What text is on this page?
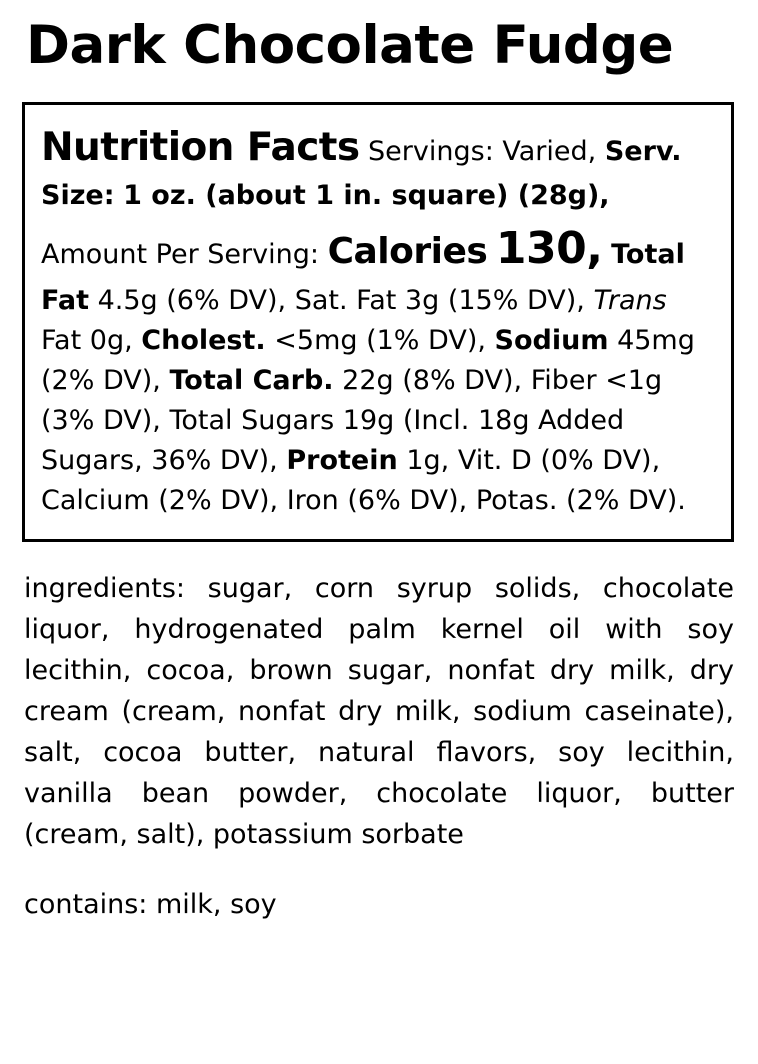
Dark Chocolate Fudge
Nutrition Facts Servings: Varied, Serv. Size: 1 oz. (about 1 in. square) (28g), Amount Per Serving: Calories 130, Total Fat 4.5g (6% DV), Sat. Fat 3g (15% DV), Trans Fat 0g, Cholest. <5mg (1% DV), Sodium 45mg (2% DV), Total Carb. 22g (8% DV), Fiber <1g (3% DV), Total Sugars 19g (Incl. 18g Added Sugars, 36% DV), Protein 1g, Vit. D (0% DV), Calcium (2% DV), Iron (6% DV), Potas. (2% DV).
ingredients: sugar, corn syrup solids, chocolate liquor, hydrogenated palm kernel oil with soy lecithin, cocoa, brown sugar, nonfat dry milk, dry cream (cream, nonfat dry milk, sodium caseinate), salt, cocoa butter, natural flavors, soy lecithin, vanilla bean powder, chocolate liquor, butter (cream, salt), potassium sorbate
contains: milk, soy
